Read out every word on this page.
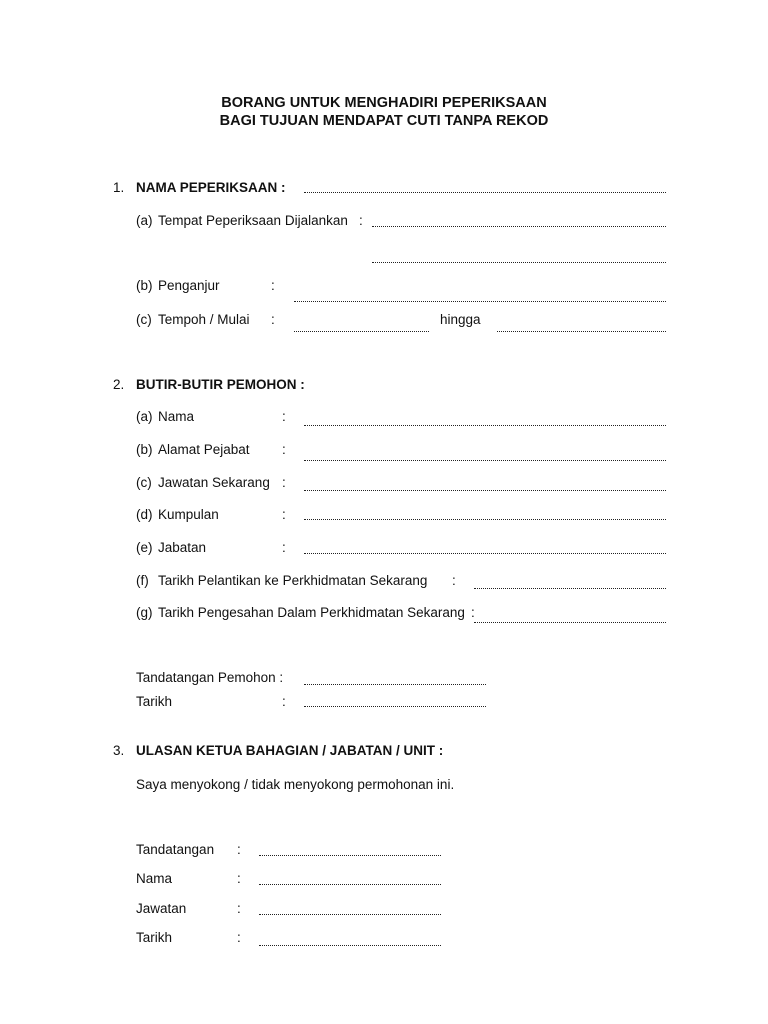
BORANG UNTUK MENGHADIRI PEPERIKSAAN
BAGI TUJUAN MENDAPAT CUTI TANPA REKOD
1. NAMA PEPERIKSAAN :
(a) Tempat Peperiksaan Dijalankan :
(b) Penganjur	:
(c) Tempoh / Mulai :	hingga
2. BUTIR-BUTIR PEMOHON :
(a) Nama	:
(b) Alamat Pejabat :
(c) Jawatan Sekarang :
(d) Kumpulan	:
(e) Jabatan	:
(f) Tarikh Pelantikan ke Perkhidmatan Sekarang :
(g) Tarikh Pengesahan Dalam Perkhidmatan Sekarang :
Tandatangan Pemohon :
Tarikh	:
3. ULASAN KETUA BAHAGIAN / JABATAN / UNIT :
Saya menyokong / tidak menyokong permohonan ini.
Tandatangan :
Nama	:
Jawatan	:
Tarikh	:
